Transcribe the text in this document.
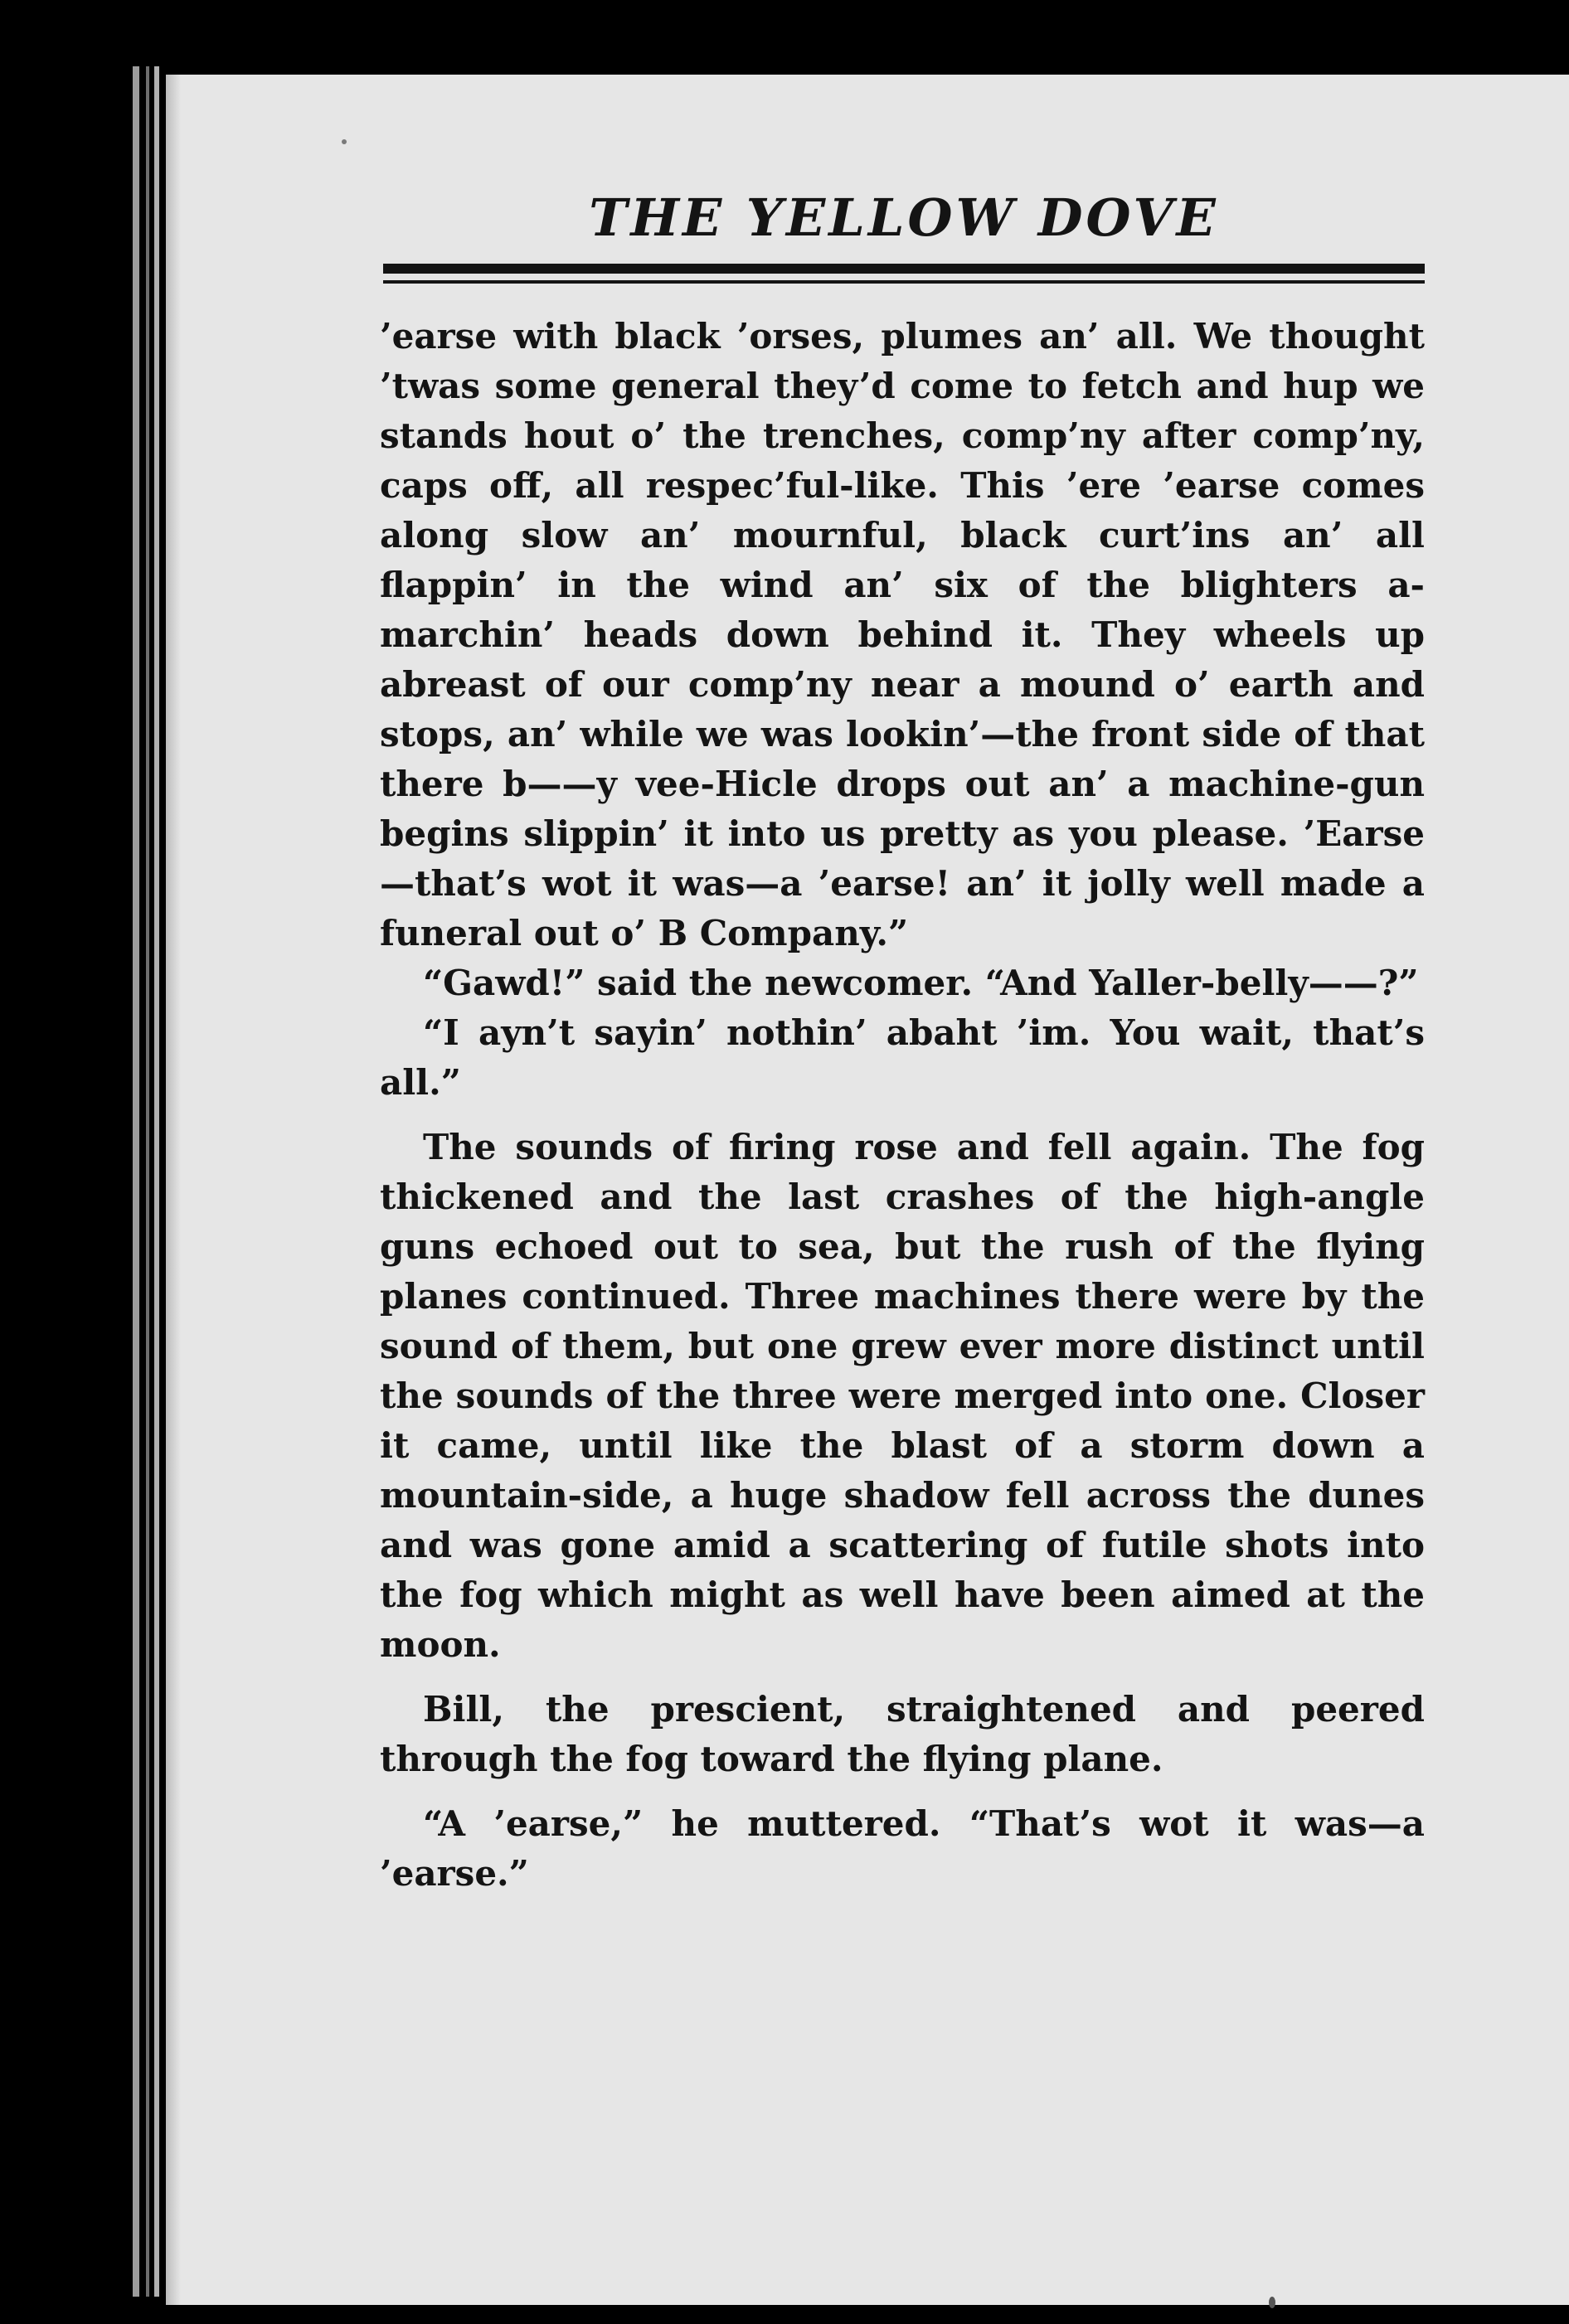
THE YELLOW DOVE

’earse with black ’orses, plumes an’ all. We thought ’twas some general they’d come to fetch and hup we stands hout o’ the trenches, comp’ny after comp’ny, caps off, all respec’ful-like. This ’ere ’earse comes along slow an’ mournful, black curt’ins an’ all flappin’ in the wind an’ six of the blighters a-marchin’ heads down behind it. They wheels up abreast of our comp’ny near a mound o’ earth and stops, an’ while we was lookin’—the front side of that there b——y vee-Hicle drops out an’ a machine-gun begins slippin’ it into us pretty as you please. ’Earse—that’s wot it was—a ’earse! an’ it jolly well made a funeral out o’ B Company.”

“Gawd!” said the newcomer. “And Yaller-belly——?”

“I ayn’t sayin’ nothin’ abaht ’im. You wait, that’s all.”

The sounds of firing rose and fell again. The fog thickened and the last crashes of the high-angle guns echoed out to sea, but the rush of the flying planes continued. Three machines there were by the sound of them, but one grew ever more distinct until the sounds of the three were merged into one. Closer it came, until like the blast of a storm down a mountain-side, a huge shadow fell across the dunes and was gone amid a scattering of futile shots into the fog which might as well have been aimed at the moon.

Bill, the prescient, straightened and peered through the fog toward the flying plane.

“A ’earse,” he muttered. “That’s wot it was—a ’earse.”
